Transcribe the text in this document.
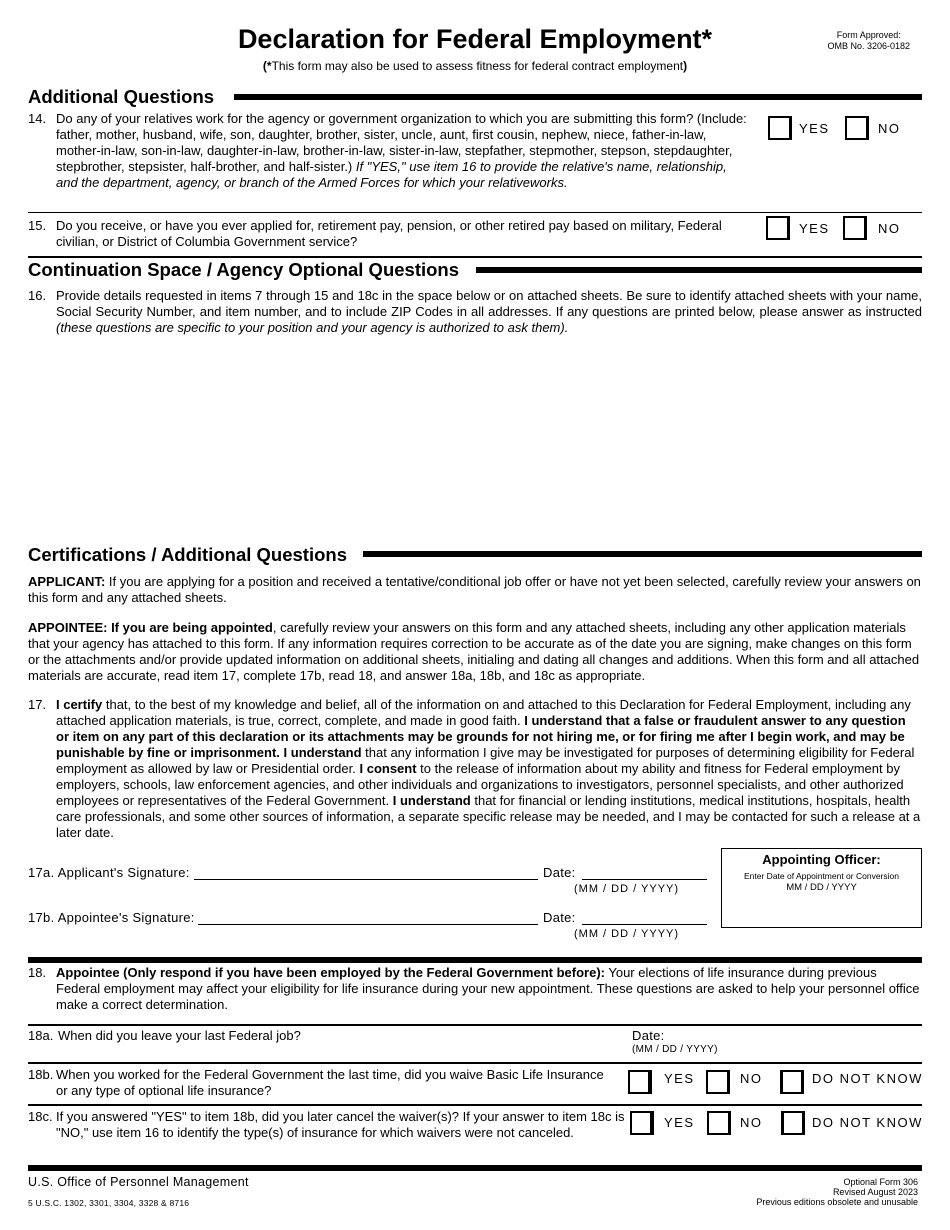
Declaration for Federal Employment*
(*This form may also be used to assess fitness for federal contract employment)
Form Approved:
OMB No. 3206-0182
Additional Questions
14. Do any of your relatives work for the agency or government organization to which you are submitting this form? (Include: father, mother, husband, wife, son, daughter, brother, sister, uncle, aunt, first cousin, nephew, niece, father-in-law, mother-in-law, son-in-law, daughter-in-law, brother-in-law, sister-in-law, stepfather, stepmother, stepson, stepdaughter, stepbrother, stepsister, half-brother, and half-sister.) If "YES," use item 16 to provide the relative's name, relationship, and the department, agency, or branch of the Armed Forces for which your relativeworks.
YES	NO
15. Do you receive, or have you ever applied for, retirement pay, pension, or other retired pay based on military, Federal civilian, or District of Columbia Government service?
YES	NO
Continuation Space / Agency Optional Questions
16. Provide details requested in items 7 through 15 and 18c in the space below or on attached sheets. Be sure to identify attached sheets with your name, Social Security Number, and item number, and to include ZIP Codes in all addresses. If any questions are printed below, please answer as instructed (these questions are specific to your position and your agency is authorized to ask them).
Certifications / Additional Questions
APPLICANT: If you are applying for a position and received a tentative/conditional job offer or have not yet been selected, carefully review your answers on this form and any attached sheets.
APPOINTEE: If you are being appointed, carefully review your answers on this form and any attached sheets, including any other application materials that your agency has attached to this form. If any information requires correction to be accurate as of the date you are signing, make changes on this form or the attachments and/or provide updated information on additional sheets, initialing and dating all changes and additions. When this form and all attached materials are accurate, read item 17, complete 17b, read 18, and answer 18a, 18b, and 18c as appropriate.
17. I certify that, to the best of my knowledge and belief, all of the information on and attached to this Declaration for Federal Employment, including any attached application materials, is true, correct, complete, and made in good faith. I understand that a false or fraudulent answer to any question or item on any part of this declaration or its attachments may be grounds for not hiring me, or for firing me after I begin work, and may be punishable by fine or imprisonment. I understand that any information I give may be investigated for purposes of determining eligibility for Federal employment as allowed by law or Presidential order. I consent to the release of information about my ability and fitness for Federal employment by employers, schools, law enforcement agencies, and other individuals and organizations to investigators, personnel specialists, and other authorized employees or representatives of the Federal Government. I understand that for financial or lending institutions, medical institutions, hospitals, health care professionals, and some other sources of information, a separate specific release may be needed, and I may be contacted for such a release at a later date.
17a. Applicant's Signature:	Date:
(MM / DD / YYYY)
17b. Appointee's Signature:	Date:
(MM / DD / YYYY)
Appointing Officer:
Enter Date of Appointment or Conversion
MM / DD / YYYY
18. Appointee (Only respond if you have been employed by the Federal Government before): Your elections of life insurance during previous Federal employment may affect your eligibility for life insurance during your new appointment. These questions are asked to help your personnel office make a correct determination.
18a. When did you leave your last Federal job?	Date:
(MM / DD / YYYY)
18b. When you worked for the Federal Government the last time, did you waive Basic Life Insurance or any type of optional life insurance?
YES	NO	DO NOT KNOW
18c. If you answered "YES" to item 18b, did you later cancel the waiver(s)? If your answer to item 18c is "NO," use item 16 to identify the type(s) of insurance for which waivers were not canceled.
YES	NO	DO NOT KNOW
U.S. Office of Personnel Management
5 U.S.C. 1302, 3301, 3304, 3328 & 8716
Optional Form 306
Revised August 2023
Previous editions obsolete and unusable
